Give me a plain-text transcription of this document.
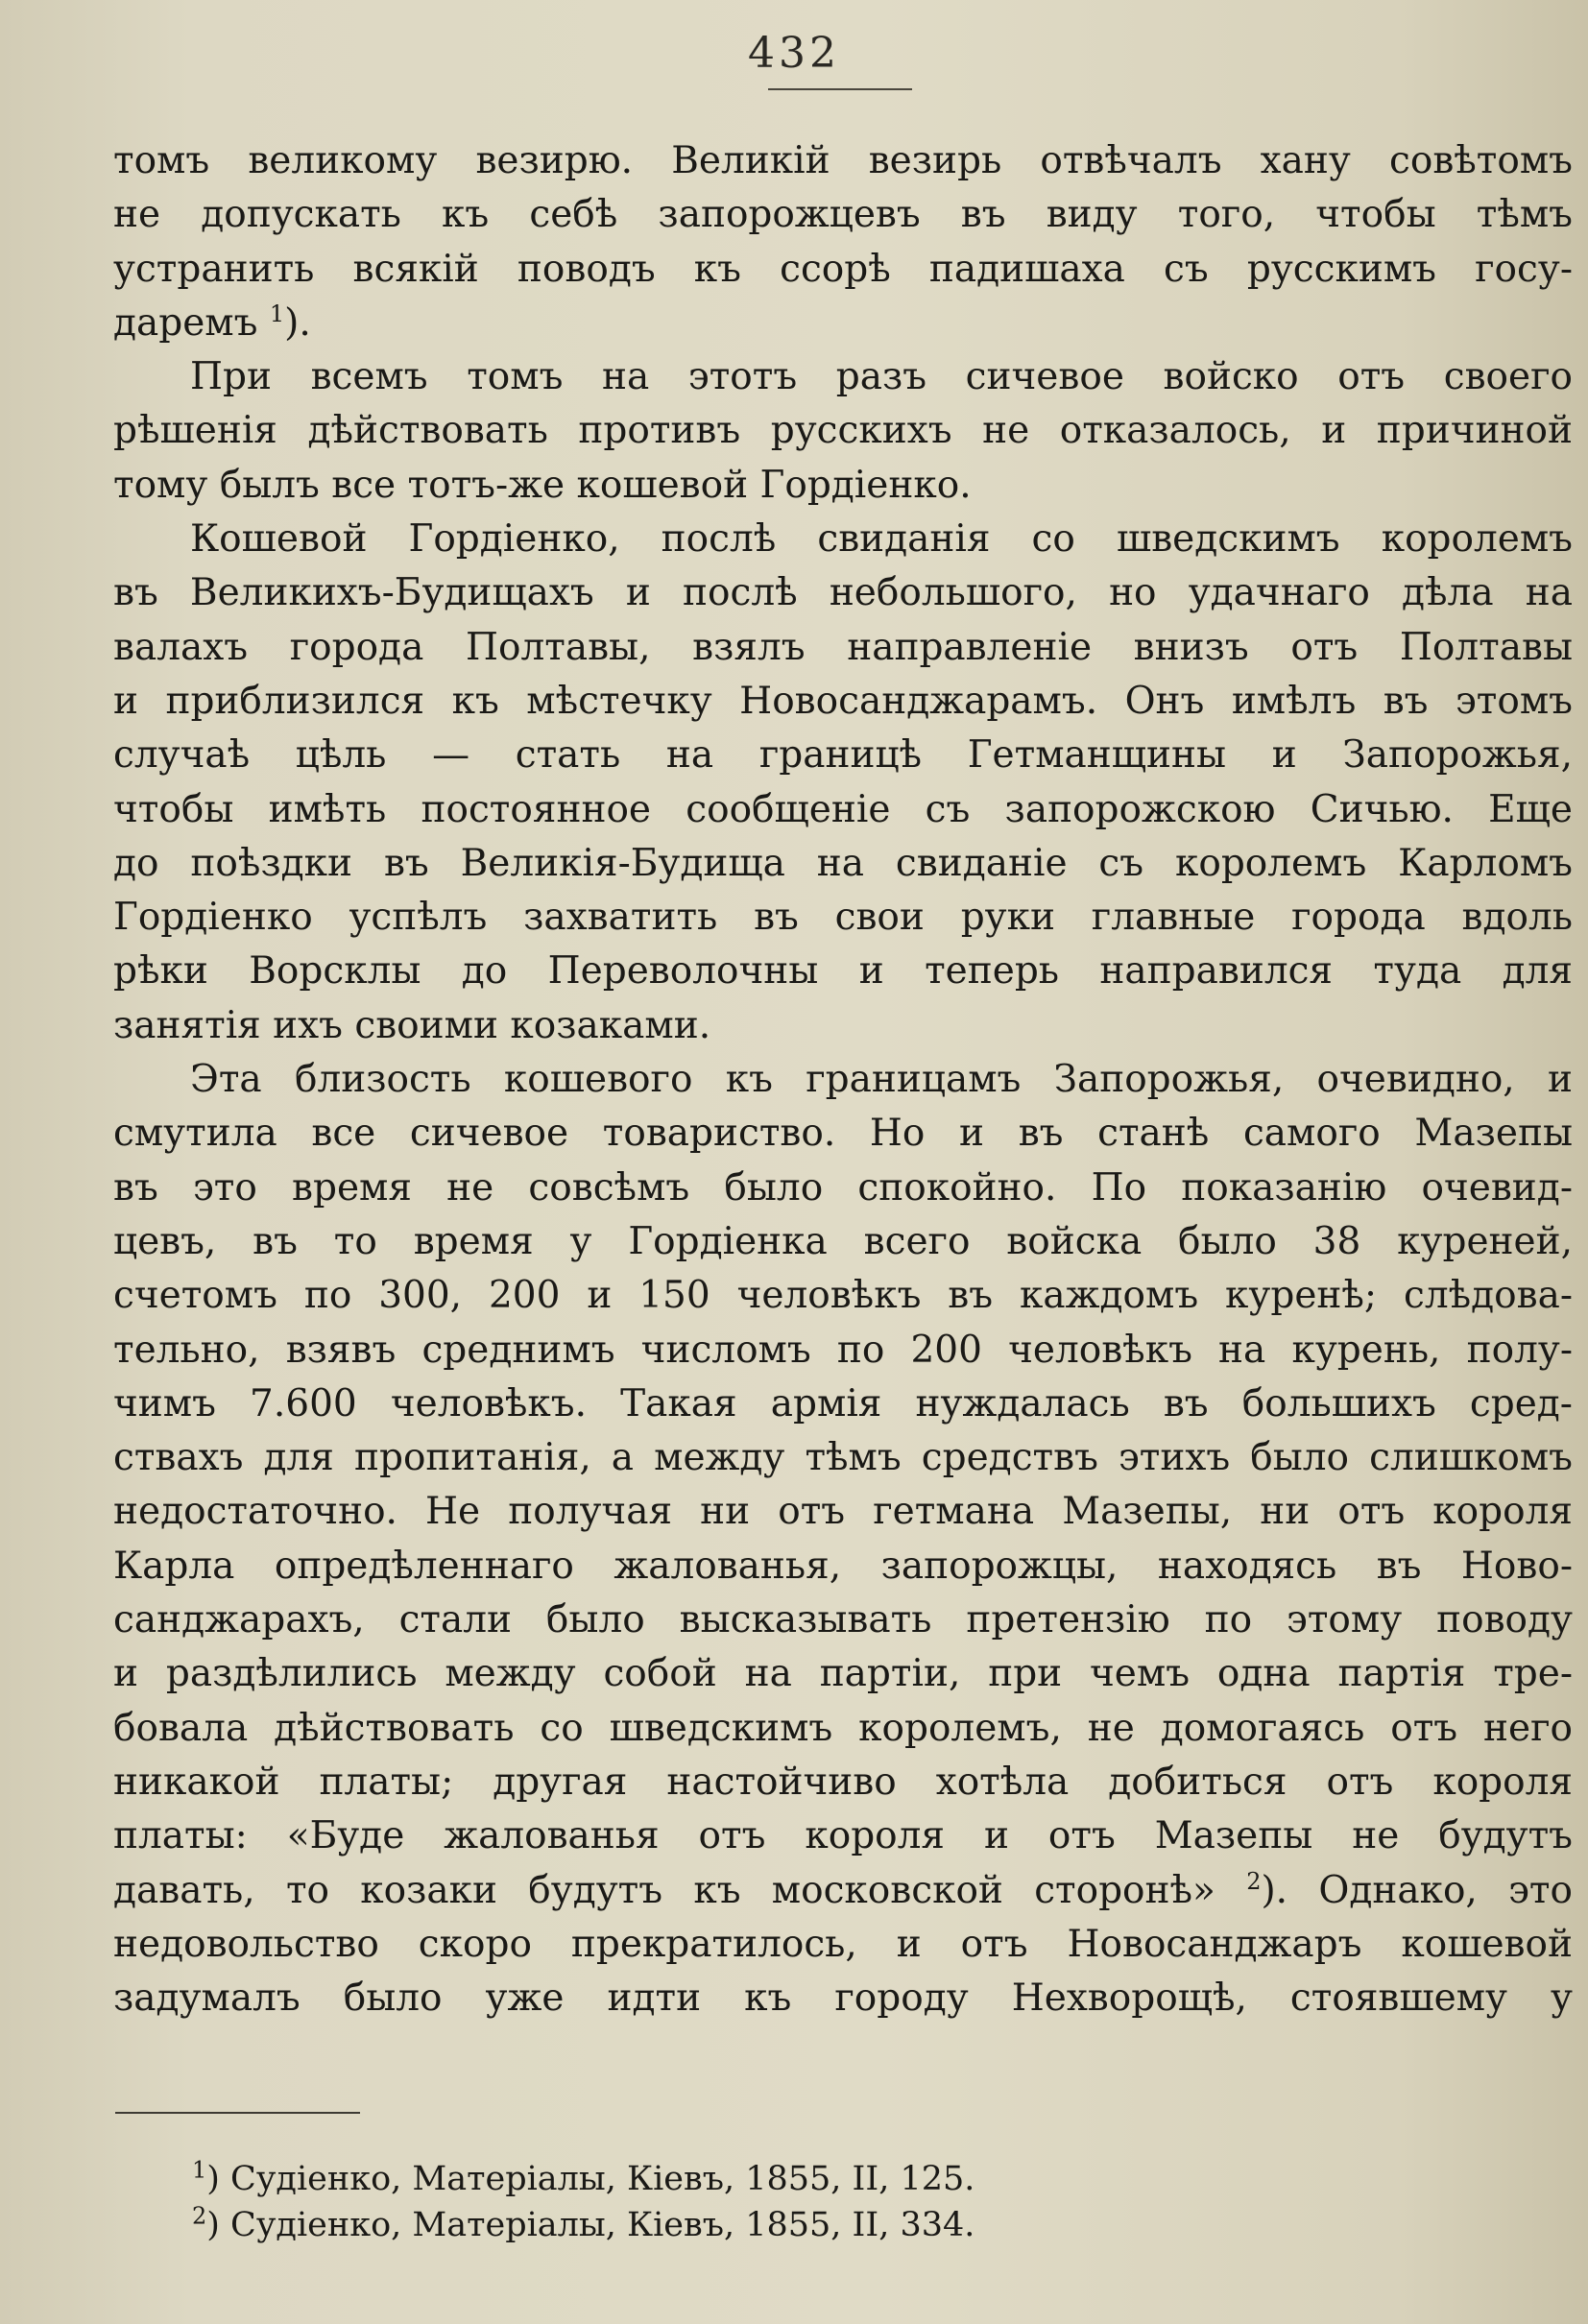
432
томъ великому везирю. Великій везирь отвѣчалъ хану совѣтомъ
не допускать къ себѣ запорожцевъ въ виду того, чтобы тѣмъ
устранить всякій поводъ къ ссорѣ падишаха съ русскимъ госу-
даремъ $^1$).
При всемъ томъ на этотъ разъ сичевое войско отъ своего
рѣшенія дѣйствовать противъ русскихъ не отказалось, и причиной
тому былъ все тотъ-же кошевой Гордіенко.
Кошевой Гордіенко, послѣ свиданія со шведскимъ королемъ
въ Великихъ-Будищахъ и послѣ небольшого, но удачнаго дѣла на
валахъ города Полтавы, взялъ направленіе внизъ отъ Полтавы
и приблизился къ мѣстечку Новосанджарамъ. Онъ имѣлъ въ этомъ
случаѣ цѣль — стать на границѣ Гетманщины и Запорожья,
чтобы имѣть постоянное сообщеніе съ запорожскою Сичью. Еще
до поѣздки въ Великія-Будища на свиданіе съ королемъ Карломъ
Гордіенко успѣлъ захватить въ свои руки главные города вдоль
рѣки Ворсклы до Переволочны и теперь направился туда для
занятія ихъ своими козаками.
Эта близость кошевого къ границамъ Запорожья, очевидно, и
смутила все сичевое товариство. Но и въ станѣ самого Мазепы
въ это время не совсѣмъ было спокойно. По показанію очевид-
цевъ, въ то время у Гордіенка всего войска было 38 куреней,
счетомъ по 300, 200 и 150 человѣкъ въ каждомъ куренѣ; слѣдова-
тельно, взявъ среднимъ числомъ по 200 человѣкъ на курень, полу-
чимъ 7.600 человѣкъ. Такая армія нуждалась въ большихъ сред-
ствахъ для пропитанія, а между тѣмъ средствъ этихъ было слишкомъ
недостаточно. Не получая ни отъ гетмана Мазепы, ни отъ короля
Карла опредѣленнаго жалованья, запорожцы, находясь въ Ново-
санджарахъ, стали было высказывать претензію по этому поводу
и раздѣлились между собой на партіи, при чемъ одна партія тре-
бовала дѣйствовать со шведскимъ королемъ, не домогаясь отъ него
никакой платы; другая настойчиво хотѣла добиться отъ короля
платы: «Буде жалованья отъ короля и отъ Мазепы не будутъ
давать, то козаки будутъ къ московской сторонѣ» $^2$). Однако, это
недовольство скоро прекратилось, и отъ Новосанджаръ кошевой
задумалъ было уже идти къ городу Нехворощѣ, стоявшему у
$^1$) Судіенко, Матеріалы, Кіевъ, 1855, II, 125.
$^2$) Судіенко, Матеріалы, Кіевъ, 1855, II, 334.
